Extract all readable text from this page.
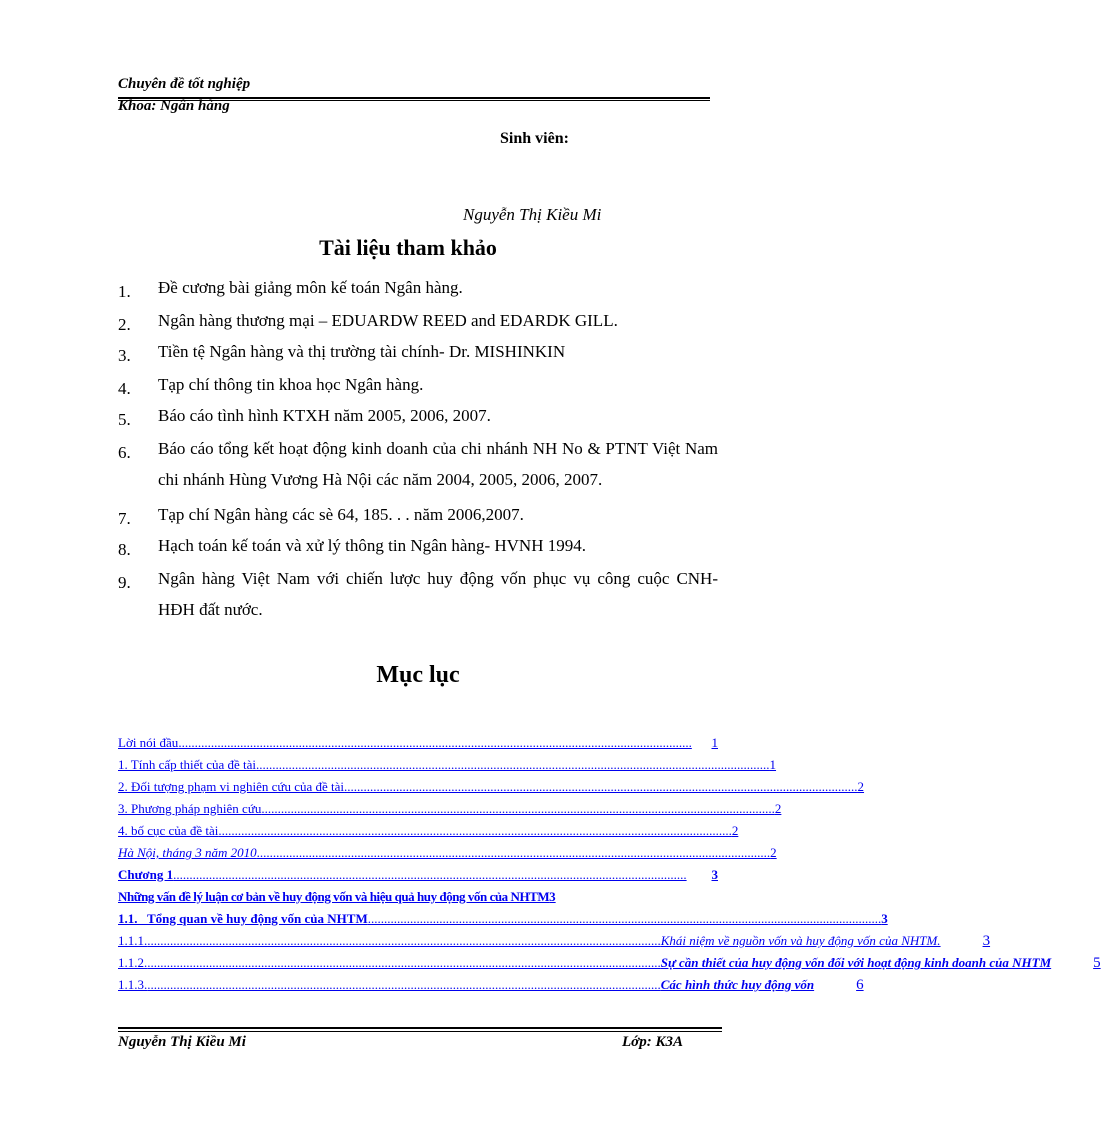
Chuyên đề tốt nghiệp
Khoa: Ngân hàng
Sinh viên:
Nguyễn Thị Kiều Mi
Tài liệu tham khảo
1. Đề cương bài giảng môn kế toán Ngân hàng.
2. Ngân hàng thương mại – EDUARDW REED and EDARDK GILL.
3. Tiền tệ Ngân hàng và thị trường tài chính- Dr. MISHINKIN
4. Tạp chí thông tin khoa học Ngân hàng.
5. Báo cáo tình hình KTXH năm 2005, 2006, 2007.
6. Báo cáo tổng kết hoạt động kinh doanh của chi nhánh NH No & PTNT Việt Nam chi nhánh Hùng Vương Hà Nội các năm 2004, 2005, 2006, 2007.
7. Tạp chí Ngân hàng các sè 64, 185. . . năm 2006,2007.
8. Hạch toán kế toán và xử lý thông tin Ngân hàng- HVNH 1994.
9. Ngân hàng Việt Nam với chiến lược huy động vốn phục vụ công cuộc CNH- HĐH đất nước.
Mục lục
Lời nói đầu ..............................................................................................................................................................	1
1. Tính cấp thiết của đề tài .............................................................................................................................................................. 1
2. Đối tượng phạm vi nghiên cứu của đề tài .............................................................................................................................................................. 2
3. Phương pháp nghiên cứu .............................................................................................................................................................. 2
4. bố cục của đề tài .............................................................................................................................................................. 2
Hà Nội, tháng 3 năm 2010 .............................................................................................................................................................. 2
Chương 1 ..............................................................................................................................................................	3
Những vấn đề lý luận cơ bản về huy động vốn và hiệu quả huy động vốn của NHTM 3
1.1.   Tổng quan về huy động vốn của NHTM .............................................................................................................................................................. 3
1.1.1. .............................................................................................................................................................. Khái niệm về nguồn vốn và huy động vốn của NHTM.	3
1.1.2. .............................................................................................................................................................. Sự cần thiết của huy động vốn đối với hoạt động kinh doanh của NHTM	5
1.1.3. .............................................................................................................................................................. Các hình thức huy động vốn	6
Nguyễn Thị Kiều Mi	Lớp: K3A
